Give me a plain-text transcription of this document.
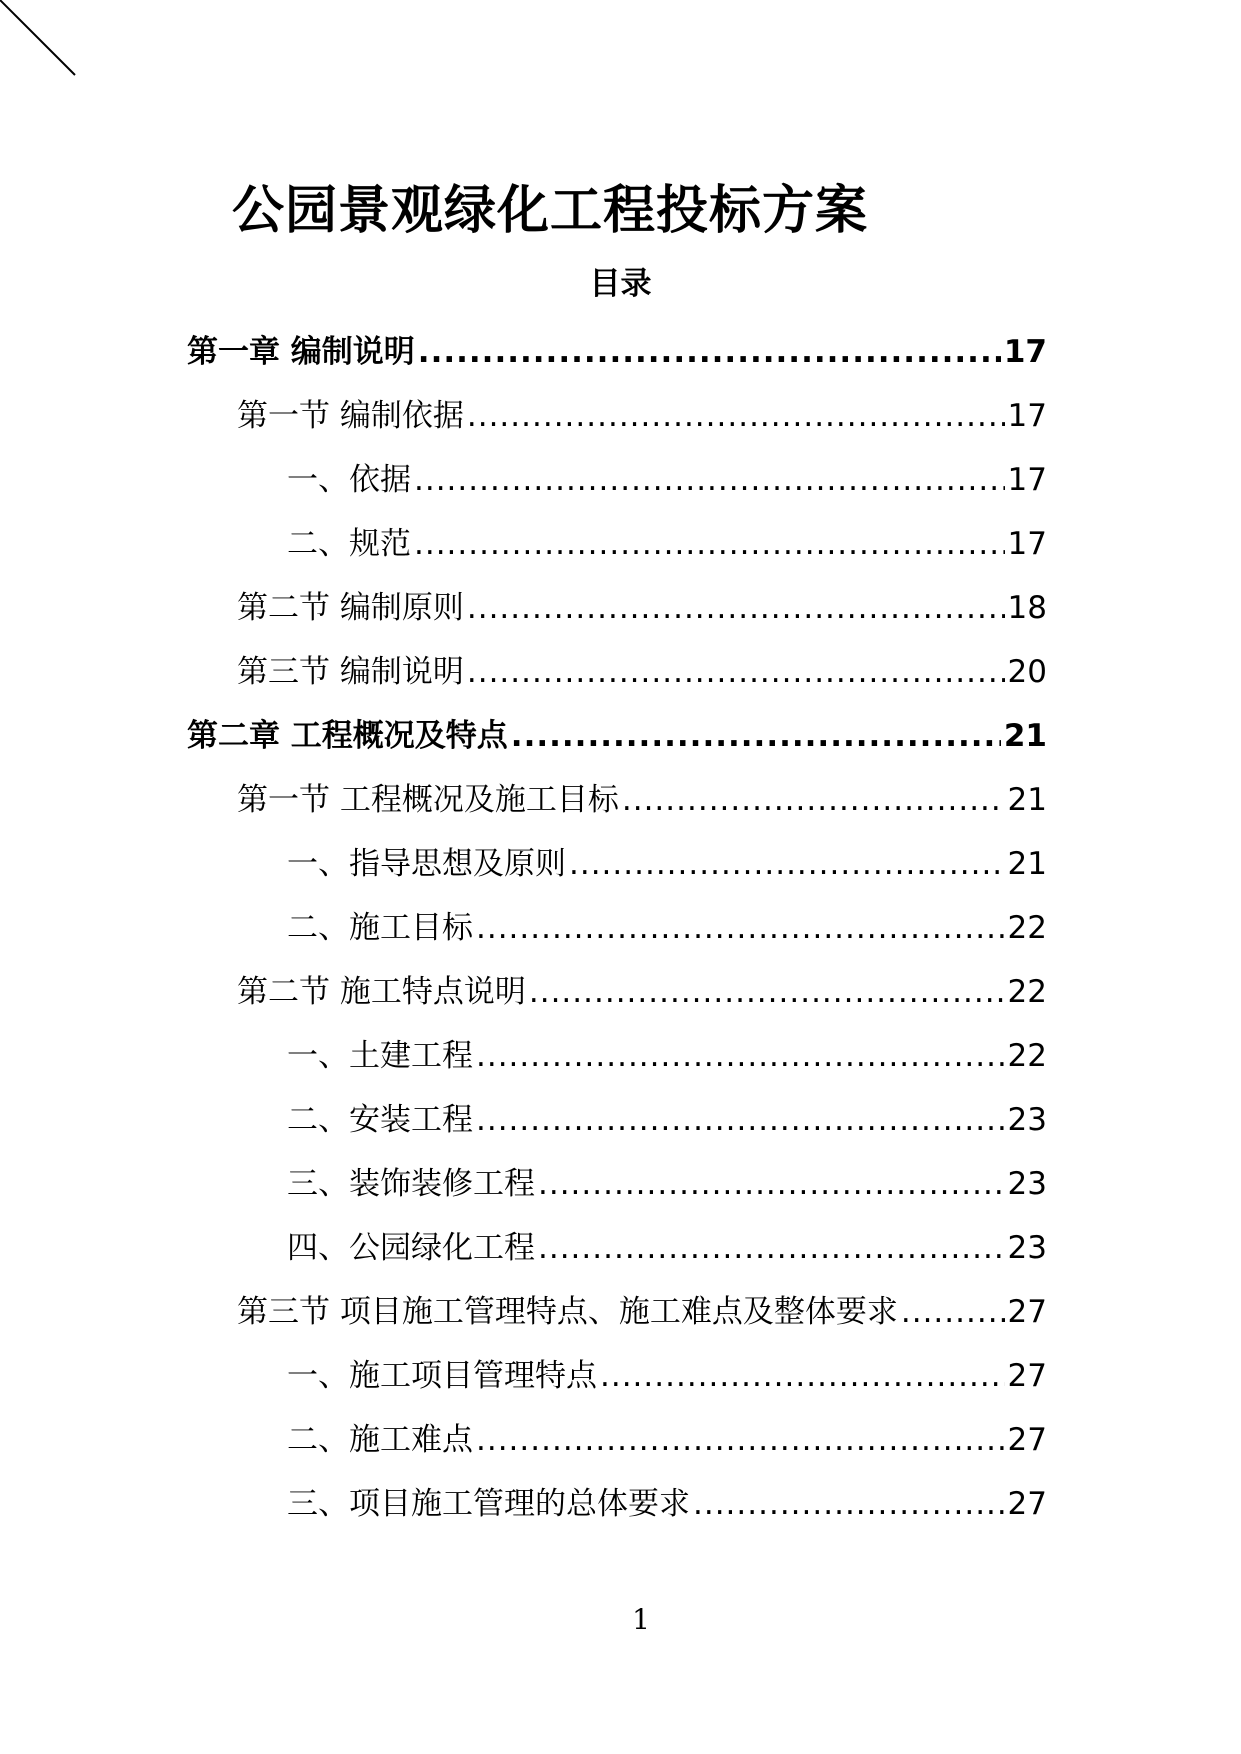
公园景观绿化工程投标方案
目录
第一章 编制说明 .....	17
第一节 编制依据 .....	17
一、依据 .....	17
二、规范 .....	17
第二节 编制原则 .....	18
第三节 编制说明 .....	20
第二章 工程概况及特点 .....	21
第一节 工程概况及施工目标 .....	21
一、指导思想及原则 .....	21
二、施工目标 .....	22
第二节 施工特点说明 .....	22
一、土建工程 .....	22
二、安装工程 .....	23
三、装饰装修工程 .....	23
四、公园绿化工程 .....	23
第三节 项目施工管理特点、施工难点及整体要求 .....	27
一、施工项目管理特点 .....	27
二、施工难点 .....	27
三、项目施工管理的总体要求 .....	27
1
